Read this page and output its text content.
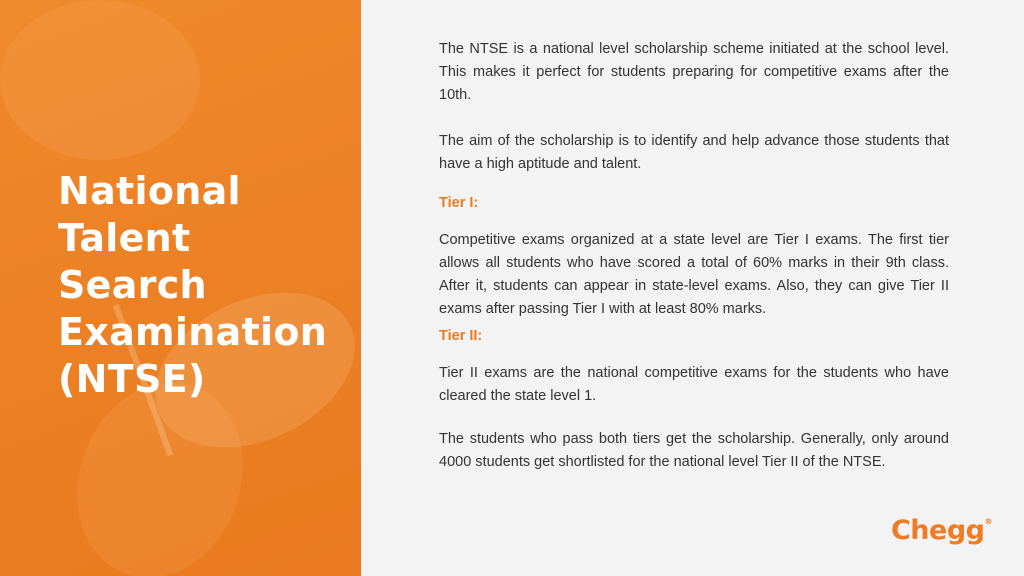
National
Talent
Search
Examination
(NTSE)

The NTSE is a national level scholarship scheme initiated at the school level. This makes it perfect for students preparing for competitive exams after the 10th.

The aim of the scholarship is to identify and help advance those students that have a high aptitude and talent.

Tier I:

Competitive exams organized at a state level are Tier I exams. The first tier allows all students who have scored a total of 60% marks in their 9th class. After it, students can appear in state-level exams. Also, they can give Tier II exams after passing Tier I with at least 80% marks.

Tier II:

Tier II exams are the national competitive exams for the students who have cleared the state level 1.

The students who pass both tiers get the scholarship. Generally, only around 4000 students get shortlisted for the national level Tier II of the NTSE.

Chegg®
